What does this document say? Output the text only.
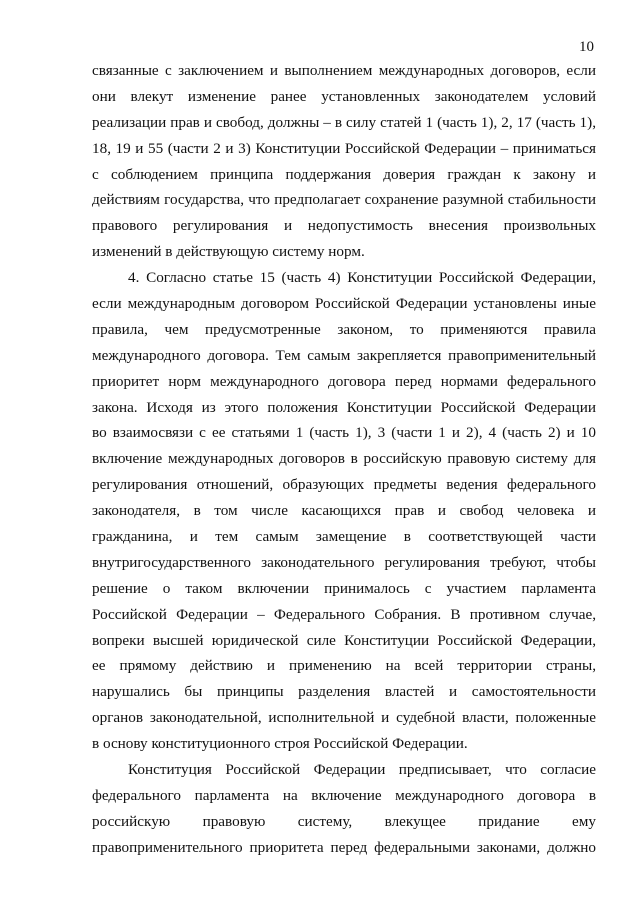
10
связанные с заключением и выполнением международных договоров, если
они влекут изменение ранее установленных законодателем условий
реализации прав и свобод, должны – в силу статей 1 (часть 1), 2, 17 (часть 1),
18, 19 и 55 (части 2 и 3) Конституции Российской Федерации – приниматься
с соблюдением принципа поддержания доверия граждан к закону и
действиям государства, что предполагает сохранение разумной стабильности
правового регулирования и недопустимость внесения произвольных
изменений в действующую систему норм.
4. Согласно статье 15 (часть 4) Конституции Российской Федерации,
если международным договором Российской Федерации установлены иные
правила, чем предусмотренные законом, то применяются правила
международного договора. Тем самым закрепляется правоприменительный
приоритет норм международного договора перед нормами федерального
закона. Исходя из этого положения Конституции Российской Федерации
во взаимосвязи с ее статьями 1 (часть 1), 3 (части 1 и 2), 4 (часть 2) и 10
включение международных договоров в российскую правовую систему для
регулирования отношений, образующих предметы ведения федерального
законодателя, в том числе касающихся прав и свобод человека и
гражданина, и тем самым замещение в соответствующей части
внутригосударственного законодательного регулирования требуют, чтобы
решение о таком включении принималось с участием парламента
Российской Федерации – Федерального Собрания. В противном случае,
вопреки высшей юридической силе Конституции Российской Федерации,
ее прямому действию и применению на всей территории страны,
нарушались бы принципы разделения властей и самостоятельности
органов законодательной, исполнительной и судебной власти, положенные
в основу конституционного строя Российской Федерации.
Конституция Российской Федерации предписывает, что согласие
федерального парламента на включение международного договора в
российскую правовую систему, влекущее придание ему
правоприменительного приоритета перед федеральными законами, должно
